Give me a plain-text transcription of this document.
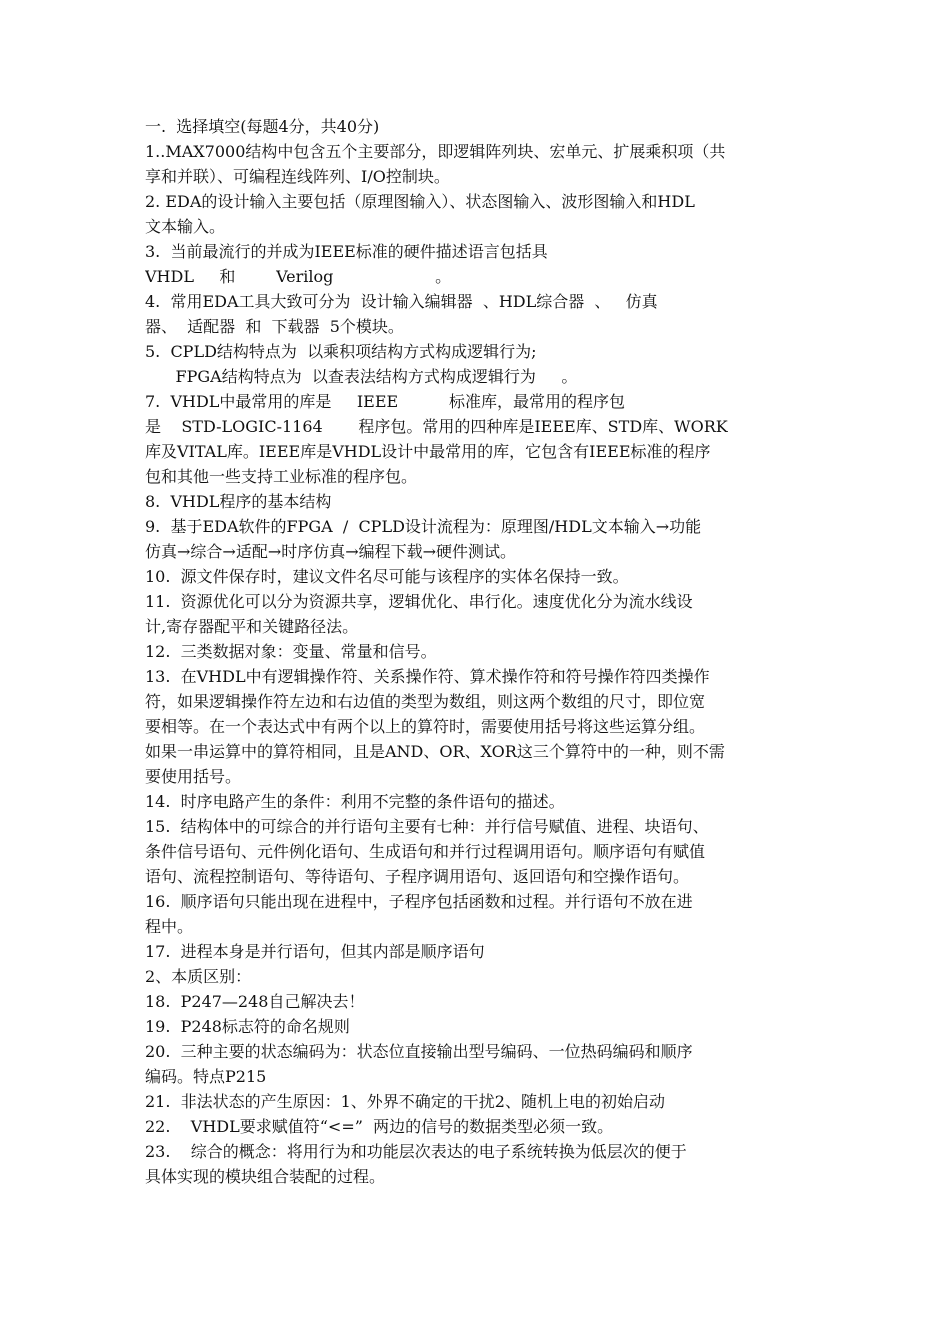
一.  选择填空(每题4分，共40分)
1..MAX7000结构中包含五个主要部分，即逻辑阵列块、宏单元、扩展乘积项（共
享和并联）、可编程连线阵列、I/O控制块。
2. EDA的设计输入主要包括（原理图输入）、状态图输入、波形图输入和HDL
文本输入。
3.  当前最流行的并成为IEEE标准的硬件描述语言包括具
VHDL     和        Verilog                    。
4.  常用EDA工具大致可分为  设计输入编辑器  、HDL综合器  、   仿真
器、  适配器  和  下载器  5个模块。
5.  CPLD结构特点为  以乘积项结构方式构成逻辑行为;
FPGA结构特点为  以查表法结构方式构成逻辑行为     。
7.  VHDL中最常用的库是     IEEE          标准库，最常用的程序包
是    STD-LOGIC-1164       程序包。常用的四种库是IEEE库、STD库、WORK
库及VITAL库。IEEE库是VHDL设计中最常用的库，它包含有IEEE标准的程序
包和其他一些支持工业标准的程序包。
8.  VHDL程序的基本结构
9.  基于EDA软件的FPGA  /  CPLD设计流程为：原理图/HDL文本输入→功能
仿真→综合→适配→时序仿真→编程下载→硬件测试。
10.  源文件保存时，建议文件名尽可能与该程序的实体名保持一致。
11.  资源优化可以分为资源共享，逻辑优化、串行化。速度优化分为流水线设
计,寄存器配平和关键路径法。
12.  三类数据对象：变量、常量和信号。
13.  在VHDL中有逻辑操作符、关系操作符、算术操作符和符号操作符四类操作
符，如果逻辑操作符左边和右边值的类型为数组，则这两个数组的尺寸，即位宽
要相等。在一个表达式中有两个以上的算符时，需要使用括号将这些运算分组。
如果一串运算中的算符相同，且是AND、OR、XOR这三个算符中的一种，则不需
要使用括号。
14.  时序电路产生的条件：利用不完整的条件语句的描述。
15.  结构体中的可综合的并行语句主要有七种：并行信号赋值、进程、块语句、
条件信号语句、元件例化语句、生成语句和并行过程调用语句。顺序语句有赋值
语句、流程控制语句、等待语句、子程序调用语句、返回语句和空操作语句。
16.  顺序语句只能出现在进程中，子程序包括函数和过程。并行语句不放在进
程中。
17.  进程本身是并行语句，但其内部是顺序语句
2、本质区别：
18.  P247—248自己解决去！
19.  P248标志符的命名规则
20.  三种主要的状态编码为：状态位直接输出型号编码、一位热码编码和顺序
编码。特点P215
21.  非法状态的产生原因：1、外界不确定的干扰2、随机上电的初始启动
22.    VHDL要求赋值符“<=”  两边的信号的数据类型必须一致。
23.    综合的概念：将用行为和功能层次表达的电子系统转换为低层次的便于
具体实现的模块组合装配的过程。
